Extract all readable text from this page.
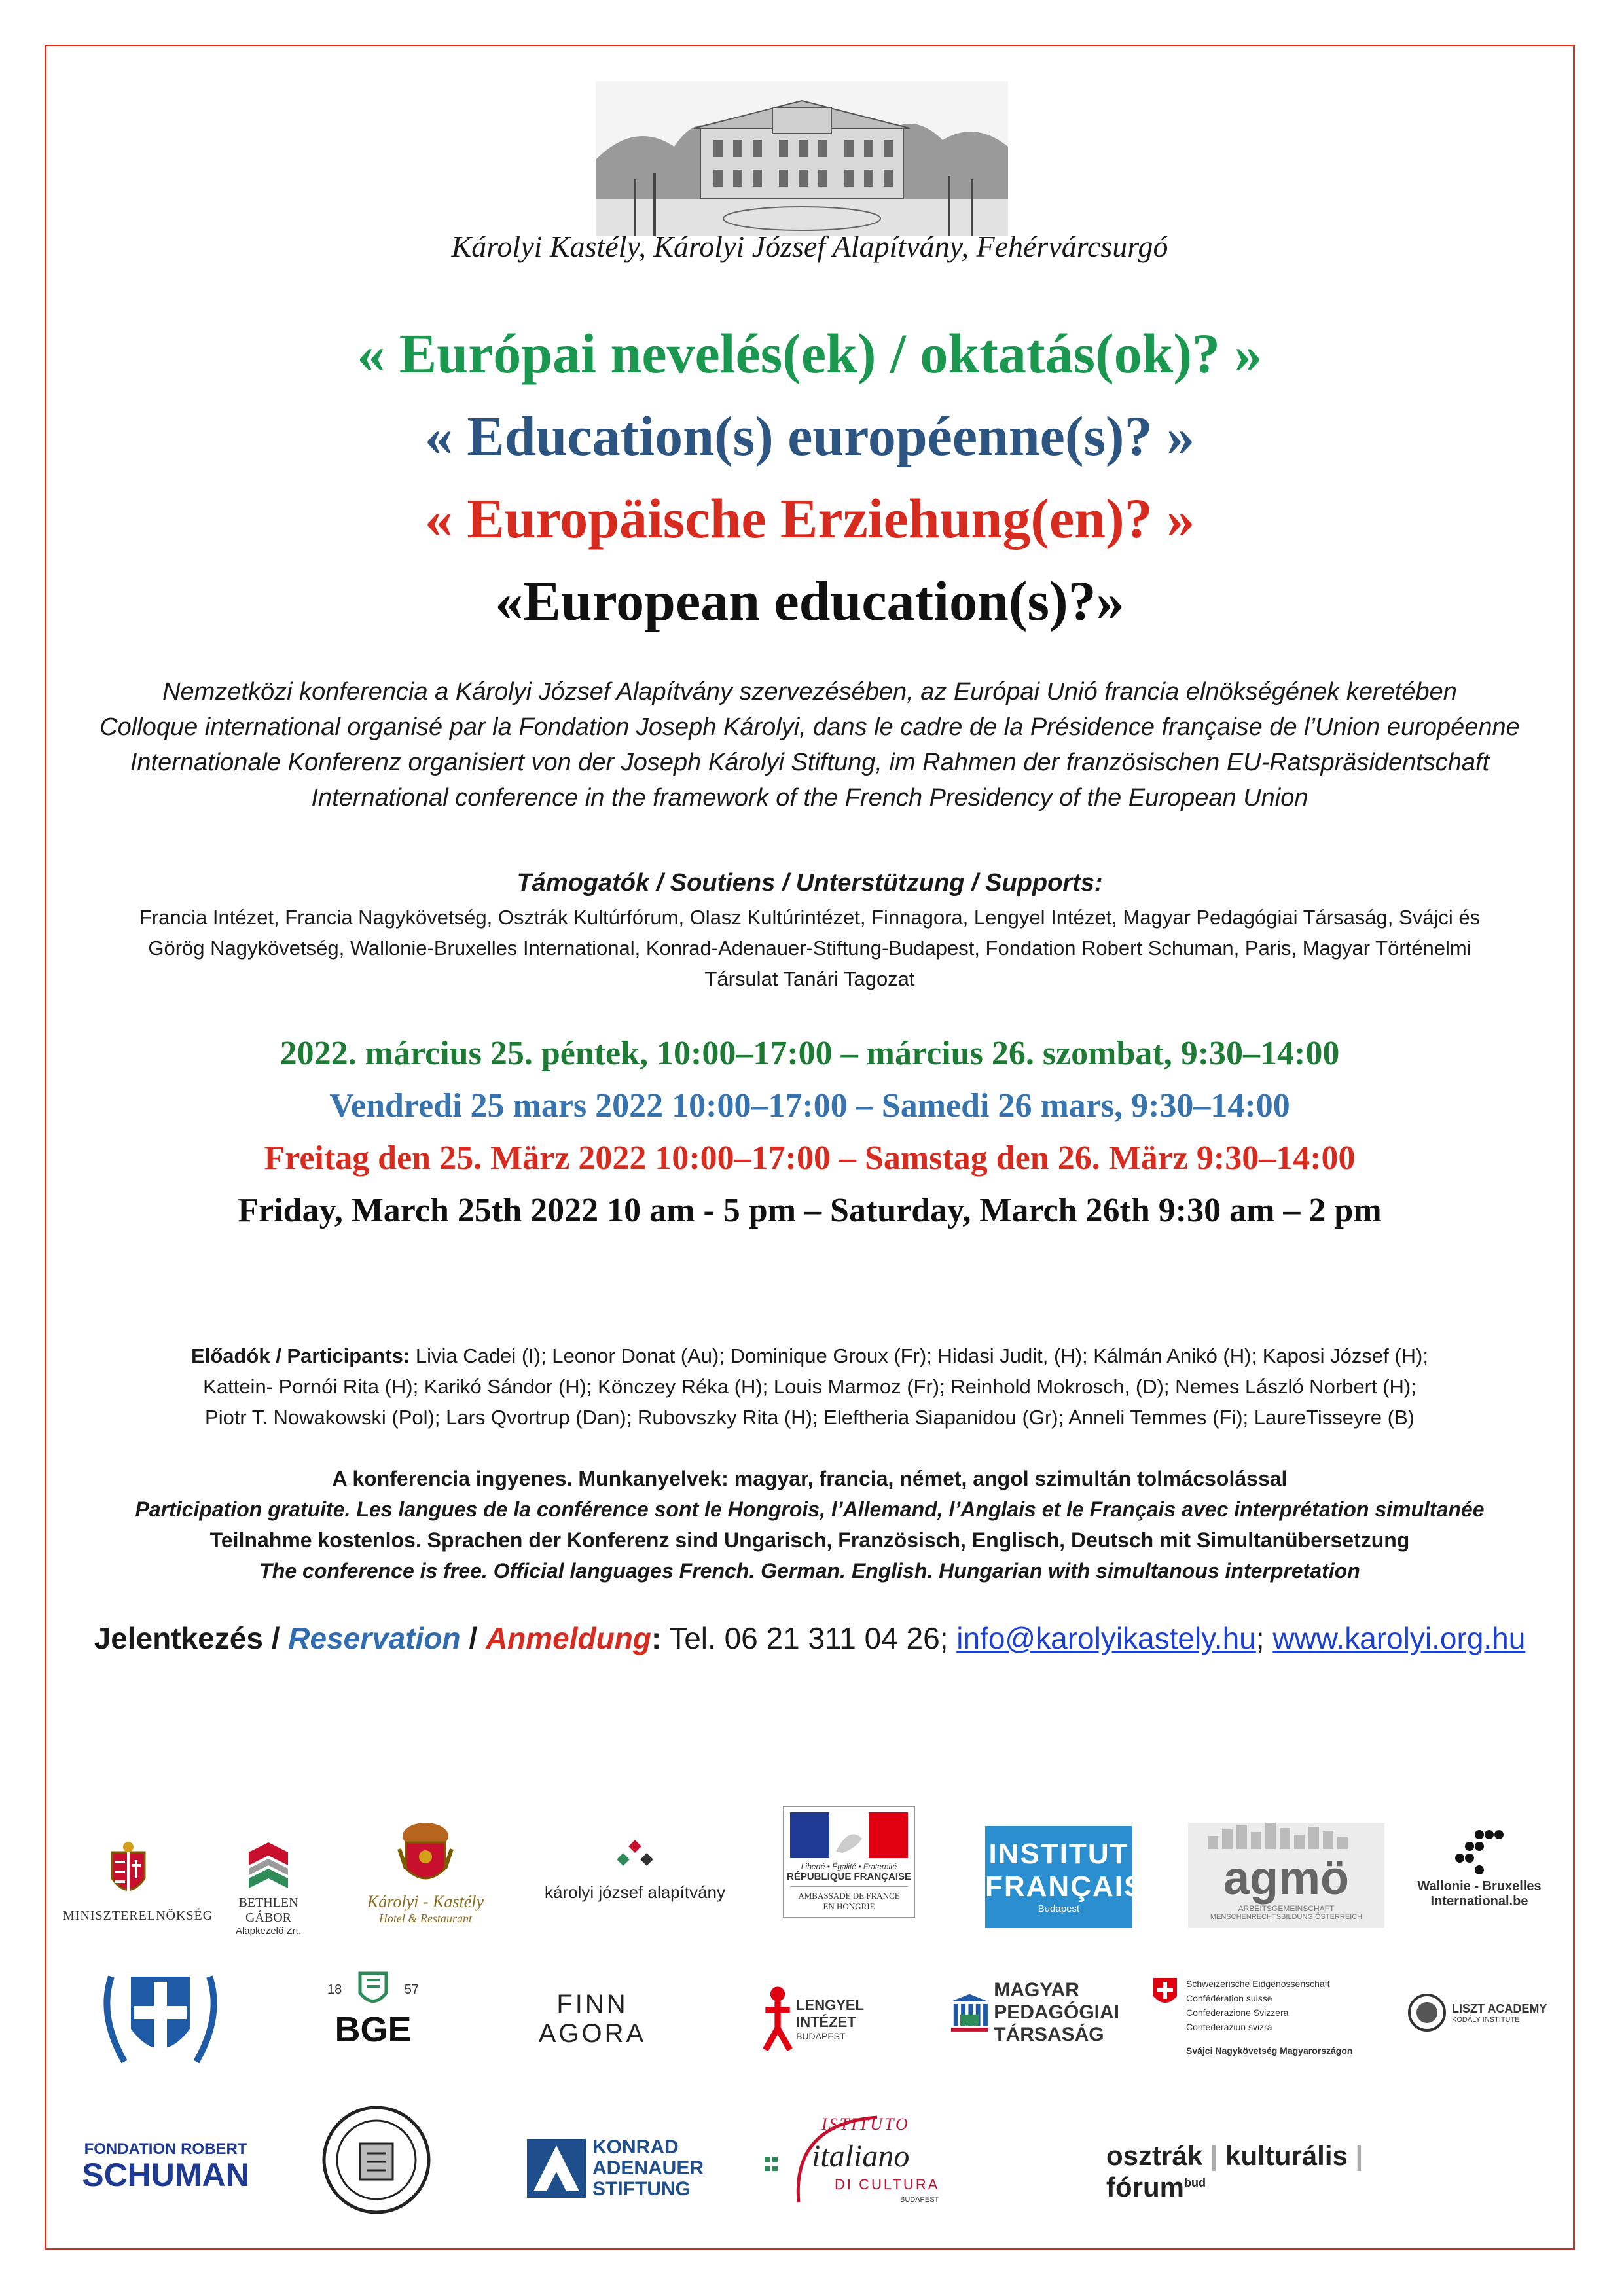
Károlyi Kastély, Károlyi József Alapítvány, Fehérvárcsurgó
« Európai nevelés(ek) / oktatás(ok)? »
« Education(s) européenne(s)? »
« Europäische Erziehung(en)? »
«European education(s)?»
Nemzetközi konferencia a Károlyi József Alapítvány szervezésében, az Európai Unió francia elnökségének keretében
Colloque international organisé par la Fondation Joseph Károlyi, dans le cadre de la Présidence française de l’Union européenne
Internationale Konferenz organisiert von der Joseph Károlyi Stiftung, im Rahmen der französischen EU-Ratspräsidentschaft
International conference in the framework of the French Presidency of the European Union
Támogatók / Soutiens / Unterstützung / Supports:
Francia Intézet, Francia Nagykövetség, Osztrák Kultúrfórum, Olasz Kultúrintézet, Finnagora, Lengyel Intézet, Magyar Pedagógiai Társaság, Svájci és
Görög Nagykövetség, Wallonie-Bruxelles International, Konrad-Adenauer-Stiftung-Budapest, Fondation Robert Schuman, Paris, Magyar Történelmi
Társulat Tanári Tagozat
2022. március 25. péntek, 10:00–17:00 – március 26. szombat, 9:30–14:00
Vendredi 25 mars 2022 10:00–17:00 – Samedi 26 mars, 9:30–14:00
Freitag den 25. März 2022 10:00–17:00 – Samstag den 26. März 9:30–14:00
Friday, March 25th 2022 10 am - 5 pm – Saturday, March 26th 9:30 am – 2 pm
Előadók / Participants: Livia Cadei (I); Leonor Donat (Au); Dominique Groux (Fr); Hidasi Judit, (H); Kálmán Anikó (H); Kaposi József (H);
Kattein- Pornói Rita (H); Karikó Sándor (H); Könczey Réka (H); Louis Marmoz (Fr); Reinhold Mokrosch, (D); Nemes László Norbert (H);
Piotr T. Nowakowski (Pol); Lars Qvortrup (Dan); Rubovszky Rita (H); Eleftheria Siapanidou (Gr); Anneli Temmes (Fi); LaureTisseyre (B)
A konferencia ingyenes. Munkanyelvek: magyar, francia, német, angol szimultán tolmácsolással
Participation gratuite. Les langues de la conférence sont le Hongrois, l’Allemand, l’Anglais et le Français avec interprétation simultanée
Teilnahme kostenlos. Sprachen der Konferenz sind Ungarisch, Französisch, Englisch, Deutsch mit Simultanübersetzung
The conference is free. Official languages French. German. English. Hungarian with simultanous interpretation
Jelentkezés / Reservation / Anmeldung: Tel. 06 21 311 04 26; info@karolyikastely.hu; www.karolyi.org.hu
MINISZTERELNÖKSÉG
BETHLEN GÁBOR
Alapkezelő Zrt.
Károlyi - Kastély
Hotel & Restaurant
károlyi józsef alapítvány
Liberté • Égalité • Fraternité
RÉPUBLIQUE FRANÇAISE
AMBASSADE DE FRANCE
EN HONGRIE
INSTITUT
FRANÇAIS
Budapest
agmö
ARBEITSGEMEINSCHAFT
MENSCHENRECHTSBILDUNG ÖSTERREICH
Wallonie - Bruxelles
International.be
18	57
BGE
FINN
AGORA
LENGYEL
INTÉZET
BUDAPEST
MAGYAR
PEDAGÓGIAI
TÁRSASÁG
Schweizerische Eidgenossenschaft
Confédération suisse
Confederazione Svizzera
Confederaziun svizra
Svájci Nagykövetség Magyarországon
LISZT ACADEMY
KODÁLY INSTITUTE
FONDATION ROBERT
SCHUMAN
KONRAD
ADENAUER
STIFTUNG
ISTITUTO
italiano
DI CULTURA
BUDAPEST
osztrák | kulturális | fórum$^{bud}$
